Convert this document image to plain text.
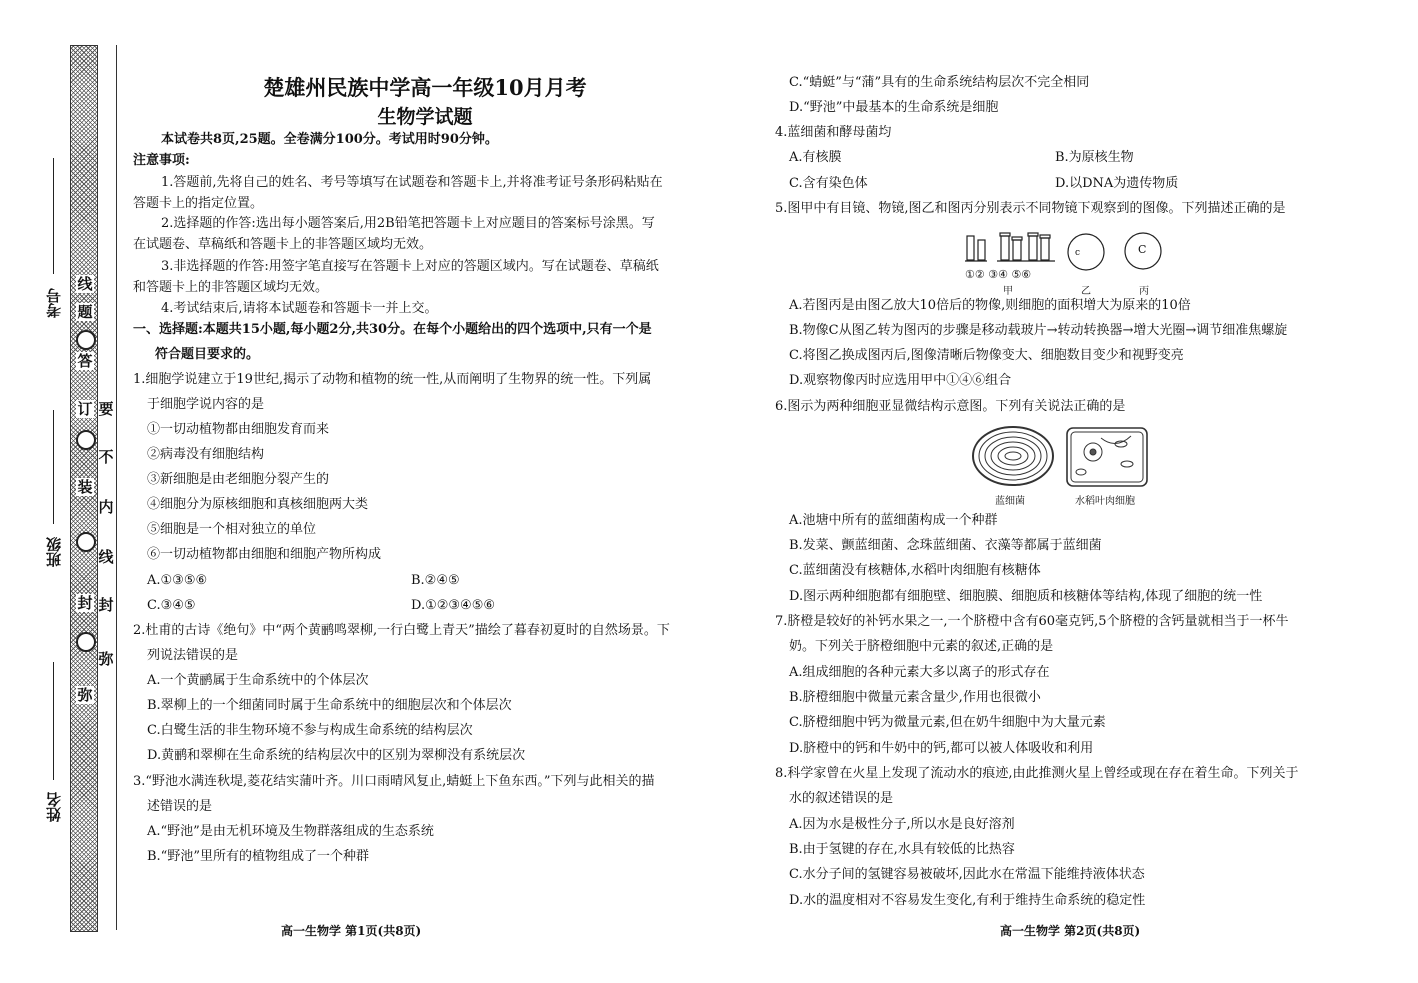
线
题
答
订 要
不
装
内
线
封 封
弥
弥
考号
班级
姓名
楚雄州民族中学高一年级10月月考
生物学试题
本试卷共8页,25题。全卷满分100分。考试用时90分钟。
注意事项:
1.答题前,先将自己的姓名、考号等填写在试题卷和答题卡上,并将准考证号条形码粘贴在
答题卡上的指定位置。
2.选择题的作答:选出每小题答案后,用2B铅笔把答题卡上对应题目的答案标号涂黑。写
在试题卷、草稿纸和答题卡上的非答题区域均无效。
3.非选择题的作答:用签字笔直接写在答题卡上对应的答题区域内。写在试题卷、草稿纸
和答题卡上的非答题区域均无效。
4.考试结束后,请将本试题卷和答题卡一并上交。
一、选择题:本题共15小题,每小题2分,共30分。在每个小题给出的四个选项中,只有一个是
符合题目要求的。
1.细胞学说建立于19世纪,揭示了动物和植物的统一性,从而阐明了生物界的统一性。下列属
于细胞学说内容的是
①一切动植物都由细胞发育而来
②病毒没有细胞结构
③新细胞是由老细胞分裂产生的
④细胞分为原核细胞和真核细胞两大类
⑤细胞是一个相对独立的单位
⑥一切动植物都由细胞和细胞产物所构成
A.①③⑤⑥	B.②④⑤
C.③④⑤	D.①②③④⑤⑥
2.杜甫的古诗《绝句》中“两个黄鹂鸣翠柳,一行白鹭上青天”描绘了暮春初夏时的自然场景。下
列说法错误的是
A.一个黄鹂属于生命系统中的个体层次
B.翠柳上的一个细菌同时属于生命系统中的细胞层次和个体层次
C.白鹭生活的非生物环境不参与构成生命系统的结构层次
D.黄鹂和翠柳在生命系统的结构层次中的区别为翠柳没有系统层次
3.“野池水满连秋堤,菱花结实蒲叶齐。川口雨晴风复止,蜻蜓上下鱼东西。”下列与此相关的描
述错误的是
A.“野池”是由无机环境及生物群落组成的生态系统
B.“野池”里所有的植物组成了一个种群
高一生物学 第1页(共8页)
C.“蜻蜓”与“蒲”具有的生命系统结构层次不完全相同
D.“野池”中最基本的生命系统是细胞
4.蓝细菌和酵母菌均
A.有核膜	B.为原核生物
C.含有染色体	D.以DNA为遗传物质
5.图甲中有目镜、物镜,图乙和图丙分别表示不同物镜下观察到的图像。下列描述正确的是
①② ③④ ⑤⑥
甲	乙	丙
c	C
A.若图丙是由图乙放大10倍后的物像,则细胞的面积增大为原来的10倍
B.物像C从图乙转为图丙的步骤是移动载玻片→转动转换器→增大光圈→调节细准焦螺旋
C.将图乙换成图丙后,图像清晰后物像变大、细胞数目变少和视野变亮
D.观察物像丙时应选用甲中①④⑥组合
6.图示为两种细胞亚显微结构示意图。下列有关说法正确的是
蓝细菌	水稻叶肉细胞
A.池塘中所有的蓝细菌构成一个种群
B.发菜、颤蓝细菌、念珠蓝细菌、衣藻等都属于蓝细菌
C.蓝细菌没有核糖体,水稻叶肉细胞有核糖体
D.图示两种细胞都有细胞壁、细胞膜、细胞质和核糖体等结构,体现了细胞的统一性
7.脐橙是较好的补钙水果之一,一个脐橙中含有60毫克钙,5个脐橙的含钙量就相当于一杯牛
奶。下列关于脐橙细胞中元素的叙述,正确的是
A.组成细胞的各种元素大多以离子的形式存在
B.脐橙细胞中微量元素含量少,作用也很微小
C.脐橙细胞中钙为微量元素,但在奶牛细胞中为大量元素
D.脐橙中的钙和牛奶中的钙,都可以被人体吸收和利用
8.科学家曾在火星上发现了流动水的痕迹,由此推测火星上曾经或现在存在着生命。下列关于
水的叙述错误的是
A.因为水是极性分子,所以水是良好溶剂
B.由于氢键的存在,水具有较低的比热容
C.水分子间的氢键容易被破坏,因此水在常温下能维持液体状态
D.水的温度相对不容易发生变化,有利于维持生命系统的稳定性
高一生物学 第2页(共8页)
